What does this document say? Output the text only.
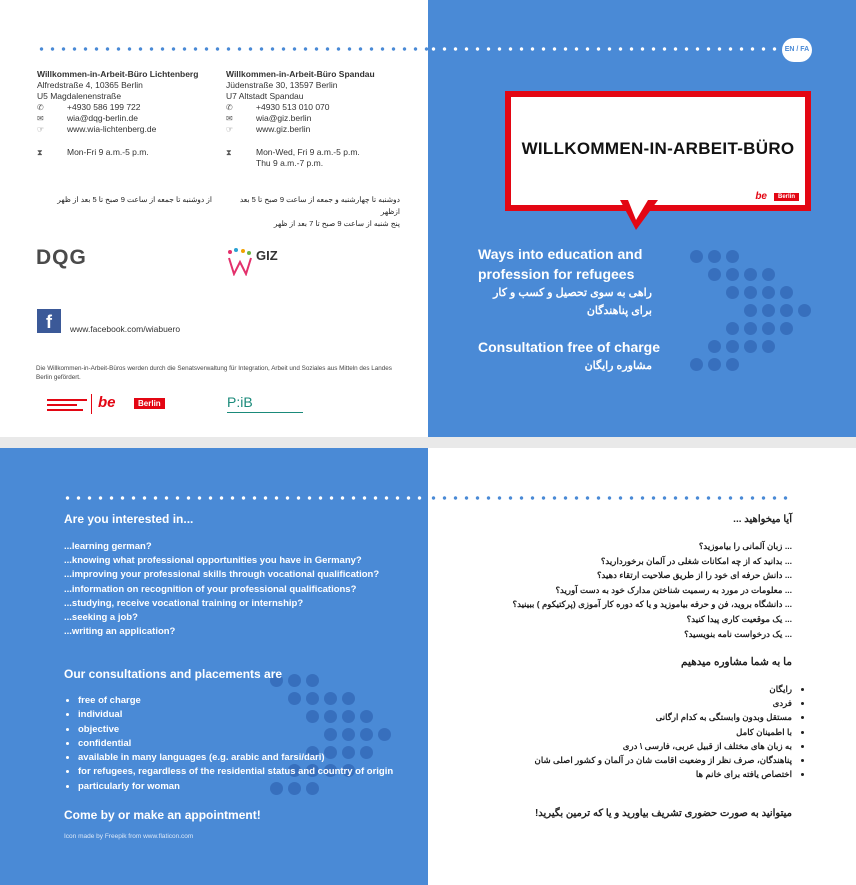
Willkommen-in-Arbeit-Büro Lichtenberg
Alfredstraße 4, 10365 Berlin
U5 Magdalenenstraße
✆	+4930 586 199 722
✉	wia@dqg-berlin.de
☞	www.wia-lichtenberg.de
⧗	Mon-Fri 9 a.m.-5 p.m.
از دوشنبه تا جمعه از ساعت 9 صبح تا 5 بعد از ظهر
Willkommen-in-Arbeit-Büro Spandau
Jüdenstraße 30, 13597 Berlin
U7 Altstadt Spandau
✆	+4930 513 010 070
✉	wia@giz.berlin
☞	www.giz.berlin
⧗	Mon-Wed, Fri 9 a.m.-5 p.m.
Thu 9 a.m.-7 p.m.
دوشنبه تا چهارشنبه و جمعه از ساعت 9 صبح تا 5 بعد ازظهر
پنج شنبه از ساعت 9 صبح تا 7 بعد از ظهر
DQG	GIZ
f	www.facebook.com/wiabuero
Die Willkommen-in-Arbeit-Büros werden durch die Senatsverwaltung für Integration, Arbeit und Soziales aus Mitteln des Landes Berlin gefördert.
be	Berlin	P:iB
EN / FA
WILLKOMMEN-IN-ARBEIT-BÜRO
Berlin
be
Ways into education and profession for refugees
راهی به سوی تحصیل و کسب و کار برای پناهندگان
Consultation free of charge
مشاوره رایگان
Are you interested in...
...learning german?
...knowing what professional opportunities you have in Germany?
...improving your professional skills through vocational qualification?
...information on recognition of your professional qualifications?
...studying, receive vocational training or internship?
...seeking a job?
...writing an application?
Our consultations and placements are
• free of charge
• individual
• objective
• confidential
• available in many languages (e.g. arabic and farsi/dari)
• for refugees, regardless of the residential status and country of origin
• particularly for woman
Come by or make an appointment!
Icon made by Freepik from www.flaticon.com
آیا میخواهید ...
... زبان آلمانی را بیاموزید؟
... بدانید که از چه امکانات شغلی در آلمان برخوردارید؟
... دانش حرفه ای خود را از طریق صلاحیت ارتقاء دهید؟
... معلومات در مورد به رسمیت شناختن مدارک خود به دست آورید؟
... دانشگاه بروید، فن و حرفه بیاموزید و یا که دوره کار آموزی (پرکتیکوم ) ببینید؟
... یک موقعیت کاری پیدا کنید؟
... یک درخواست نامه بنویسید؟
ما به شما مشاوره میدهیم
• رایگان
• فردی
• مستقل وبدون وابستگی به کدام ارگانی
• با اطمینان کامل
• به زبان های مختلف از قبیل عربی، فارسی \ دری
• پناهندگان، صرف نظر از وضعیت اقامت شان در آلمان و کشور اصلی شان
• اختصاص یافته برای خانم ها
میتوانید به صورت حضوری تشریف بیاورید و یا که ترمین بگیرید!
